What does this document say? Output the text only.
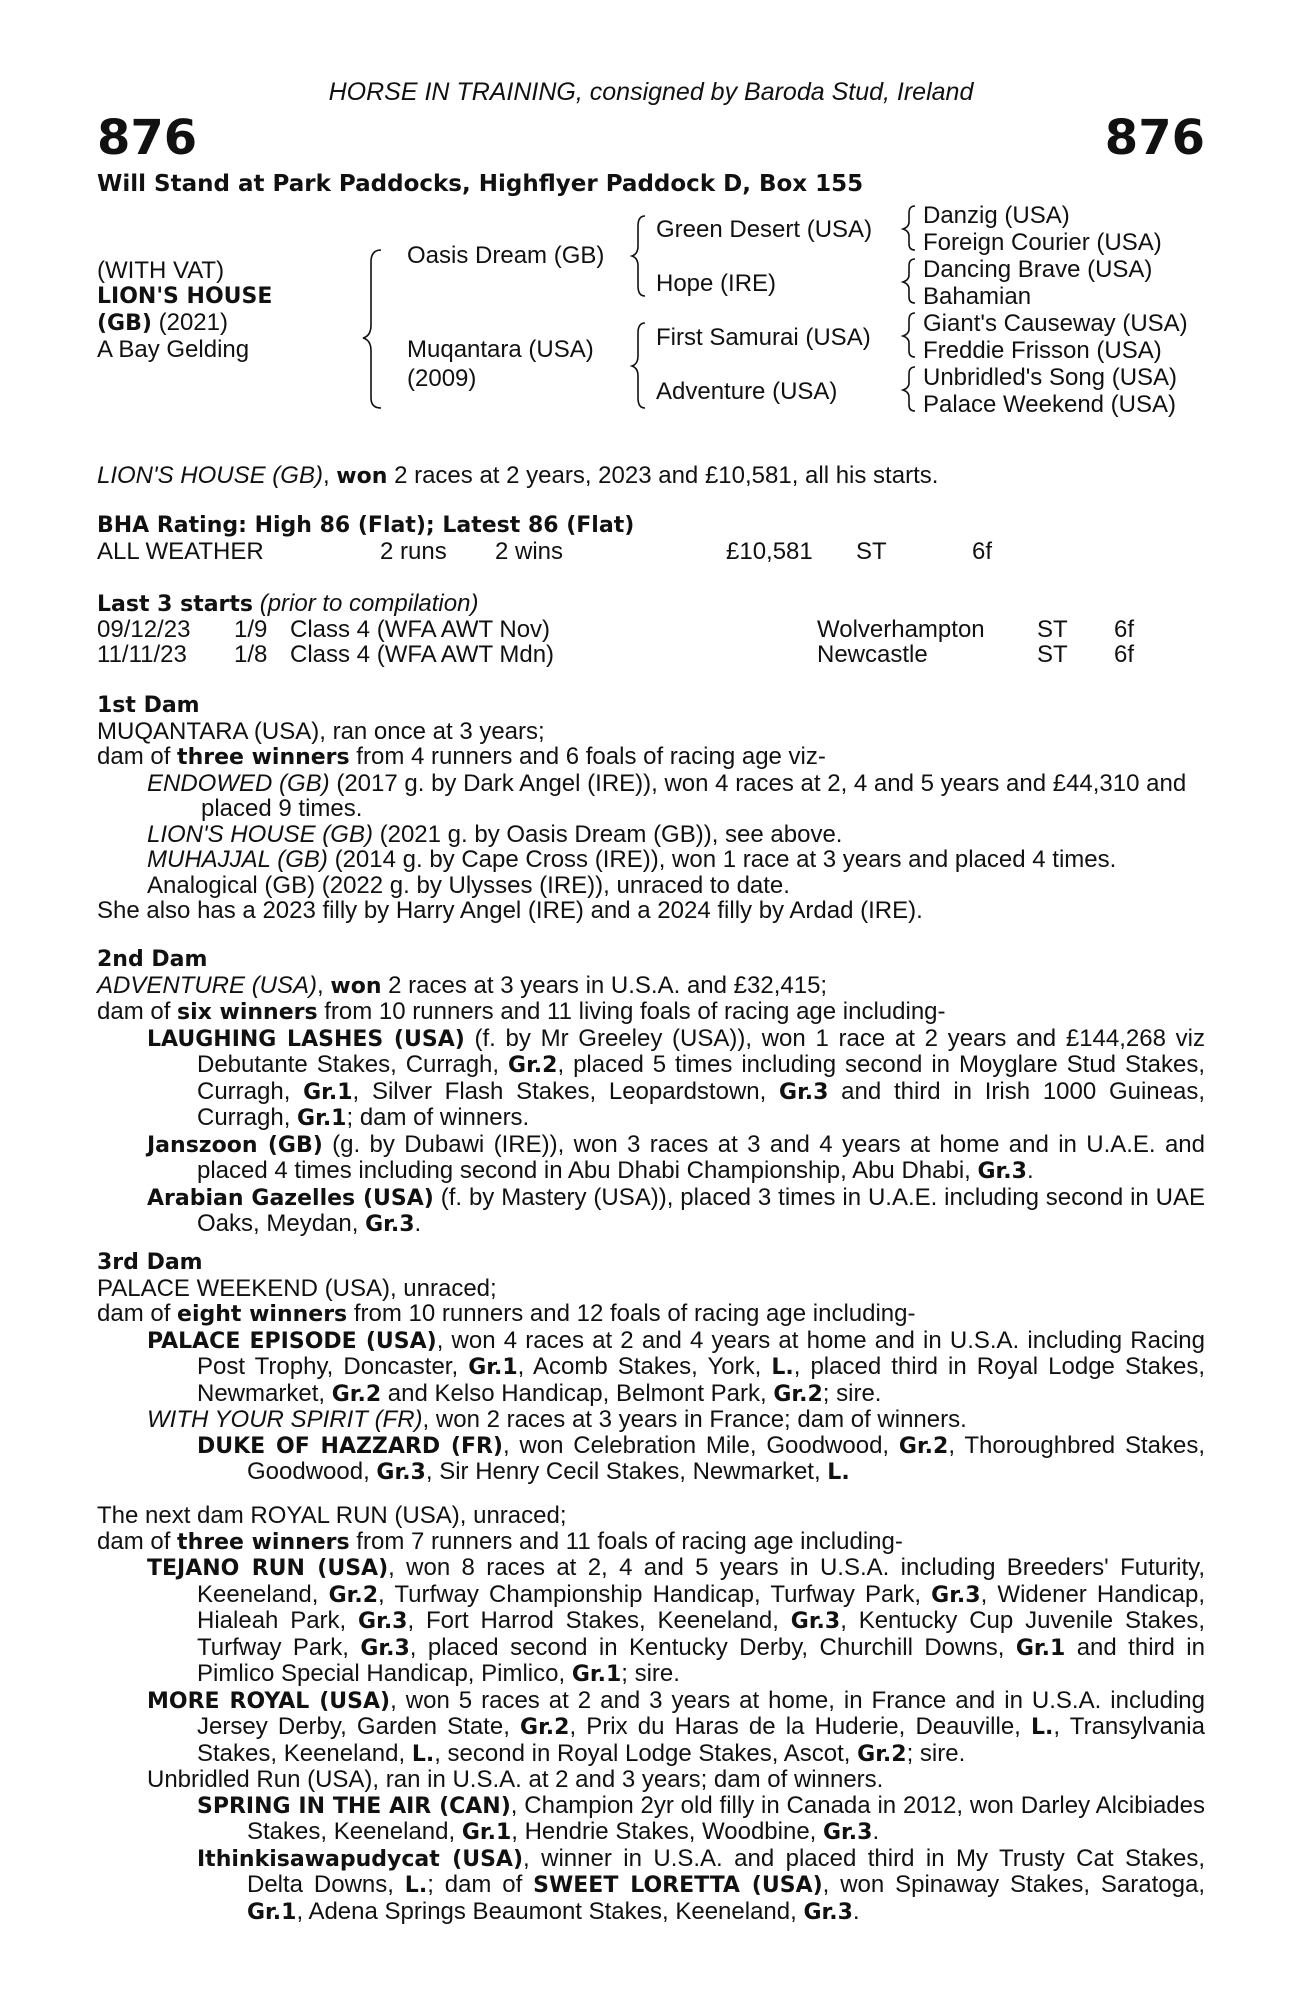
HORSE IN TRAINING, consigned by Baroda Stud, Ireland
876	876
Will Stand at Park Paddocks, Highflyer Paddock D, Box 155
(WITH VAT)
LION'S HOUSE
(GB) (2021)
A Bay Gelding
Oasis Dream (GB)
Muqantara (USA)
(2009)
Green Desert (USA)
Hope (IRE)
First Samurai (USA)
Adventure (USA)
Danzig (USA)
Foreign Courier (USA)
Dancing Brave (USA)
Bahamian
Giant's Causeway (USA)
Freddie Frisson (USA)
Unbridled's Song (USA)
Palace Weekend (USA)
LION'S HOUSE (GB), won 2 races at 2 years, 2023 and £10,581, all his starts.
BHA Rating: High 86 (Flat); Latest 86 (Flat)
ALL WEATHER	2 runs 2 wins	£10,581 ST	6f
Last 3 starts (prior to compilation)
09/12/23 1/9 Class 4 (WFA AWT Nov)	Wolverhampton ST 6f
11/11/23 1/8 Class 4 (WFA AWT Mdn)	Newcastle	ST 6f
1st Dam
MUQANTARA (USA), ran once at 3 years;
dam of three winners from 4 runners and 6 foals of racing age viz-
ENDOWED (GB) (2017 g. by Dark Angel (IRE)), won 4 races at 2, 4 and 5 years and £44,310 and placed 9 times.
LION'S HOUSE (GB) (2021 g. by Oasis Dream (GB)), see above.
MUHAJJAL (GB) (2014 g. by Cape Cross (IRE)), won 1 race at 3 years and placed 4 times.
Analogical (GB) (2022 g. by Ulysses (IRE)), unraced to date.
She also has a 2023 filly by Harry Angel (IRE) and a 2024 filly by Ardad (IRE).
2nd Dam
ADVENTURE (USA), won 2 races at 3 years in U.S.A. and £32,415;
dam of six winners from 10 runners and 11 living foals of racing age including-
LAUGHING LASHES (USA) (f. by Mr Greeley (USA)), won 1 race at 2 years and £144,268 viz Debutante Stakes, Curragh, Gr.2, placed 5 times including second in Moyglare Stud Stakes, Curragh, Gr.1, Silver Flash Stakes, Leopardstown, Gr.3 and third in Irish 1000 Guineas, Curragh, Gr.1; dam of winners.
Janszoon (GB) (g. by Dubawi (IRE)), won 3 races at 3 and 4 years at home and in U.A.E. and placed 4 times including second in Abu Dhabi Championship, Abu Dhabi, Gr.3.
Arabian Gazelles (USA) (f. by Mastery (USA)), placed 3 times in U.A.E. including second in UAE Oaks, Meydan, Gr.3.
3rd Dam
PALACE WEEKEND (USA), unraced;
dam of eight winners from 10 runners and 12 foals of racing age including-
PALACE EPISODE (USA), won 4 races at 2 and 4 years at home and in U.S.A. including Racing Post Trophy, Doncaster, Gr.1, Acomb Stakes, York, L., placed third in Royal Lodge Stakes, Newmarket, Gr.2 and Kelso Handicap, Belmont Park, Gr.2; sire.
WITH YOUR SPIRIT (FR), won 2 races at 3 years in France; dam of winners.
DUKE OF HAZZARD (FR), won Celebration Mile, Goodwood, Gr.2, Thoroughbred Stakes, Goodwood, Gr.3, Sir Henry Cecil Stakes, Newmarket, L.
The next dam ROYAL RUN (USA), unraced;
dam of three winners from 7 runners and 11 foals of racing age including-
TEJANO RUN (USA), won 8 races at 2, 4 and 5 years in U.S.A. including Breeders' Futurity, Keeneland, Gr.2, Turfway Championship Handicap, Turfway Park, Gr.3, Widener Handicap, Hialeah Park, Gr.3, Fort Harrod Stakes, Keeneland, Gr.3, Kentucky Cup Juvenile Stakes, Turfway Park, Gr.3, placed second in Kentucky Derby, Churchill Downs, Gr.1 and third in Pimlico Special Handicap, Pimlico, Gr.1; sire.
MORE ROYAL (USA), won 5 races at 2 and 3 years at home, in France and in U.S.A. including Jersey Derby, Garden State, Gr.2, Prix du Haras de la Huderie, Deauville, L., Transylvania Stakes, Keeneland, L., second in Royal Lodge Stakes, Ascot, Gr.2; sire.
Unbridled Run (USA), ran in U.S.A. at 2 and 3 years; dam of winners.
SPRING IN THE AIR (CAN), Champion 2yr old filly in Canada in 2012, won Darley Alcibiades Stakes, Keeneland, Gr.1, Hendrie Stakes, Woodbine, Gr.3.
Ithinkisawapudycat (USA), winner in U.S.A. and placed third in My Trusty Cat Stakes, Delta Downs, L.; dam of SWEET LORETTA (USA), won Spinaway Stakes, Saratoga, Gr.1, Adena Springs Beaumont Stakes, Keeneland, Gr.3.
